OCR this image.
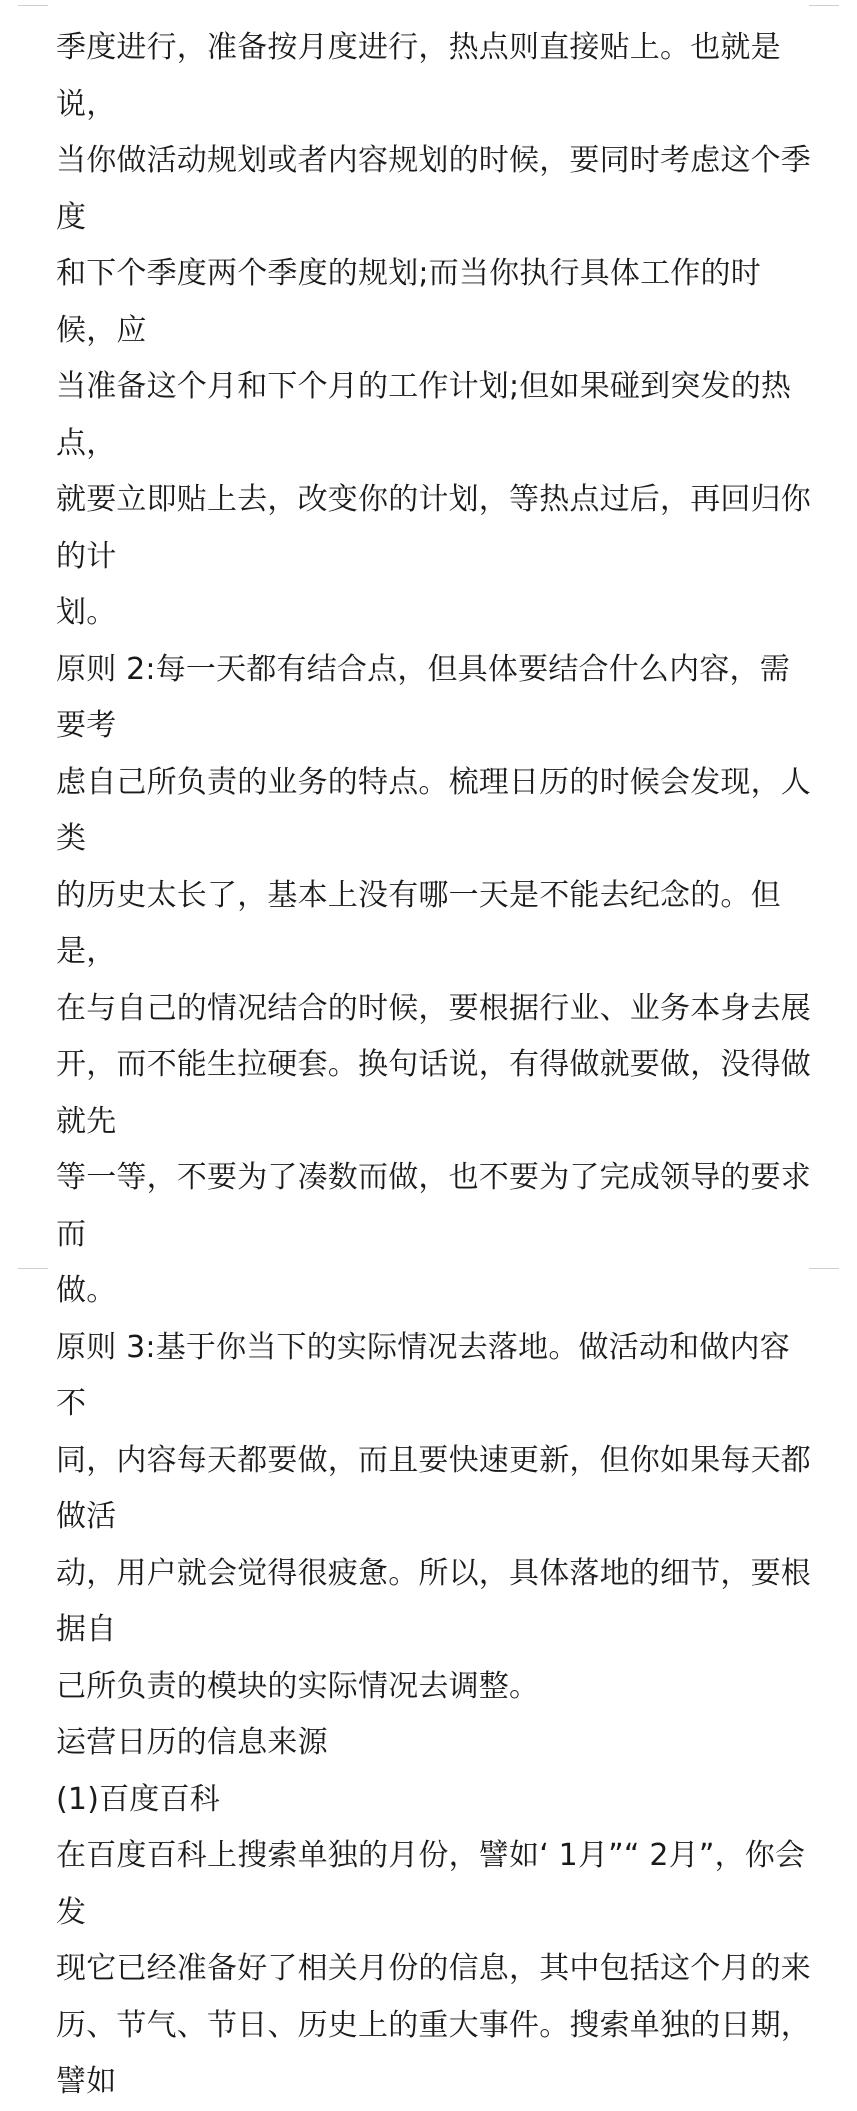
季度进行，准备按月度进行，热点则直接贴上。也就是说，
当你做活动规划或者内容规划的时候，要同时考虑这个季度
和下个季度两个季度的规划;而当你执行具体工作的时候，应
当准备这个月和下个月的工作计划;但如果碰到突发的热点，
就要立即贴上去，改变你的计划，等热点过后，再回归你的计
划。
原则 2:每一天都有结合点，但具体要结合什么内容，需要考
虑自己所负责的业务的特点。梳理日历的时候会发现，人类
的历史太长了，基本上没有哪一天是不能去纪念的。但是，
在与自己的情况结合的时候，要根据行业、业务本身去展
开，而不能生拉硬套。换句话说，有得做就要做，没得做就先
等一等，不要为了凑数而做，也不要为了完成领导的要求而
做。
原则 3:基于你当下的实际情况去落地。做活动和做内容不
同，内容每天都要做，而且要快速更新，但你如果每天都做活
动，用户就会觉得很疲惫。所以，具体落地的细节，要根据自
己所负责的模块的实际情况去调整。
运营日历的信息来源
(1)百度百科
在百度百科上搜索单独的月份，譬如‘ 1月”“ 2月”，你会发
现它已经准备好了相关月份的信息，其中包括这个月的来
历、节气、节日、历史上的重大事件。搜索单独的日期，譬如
